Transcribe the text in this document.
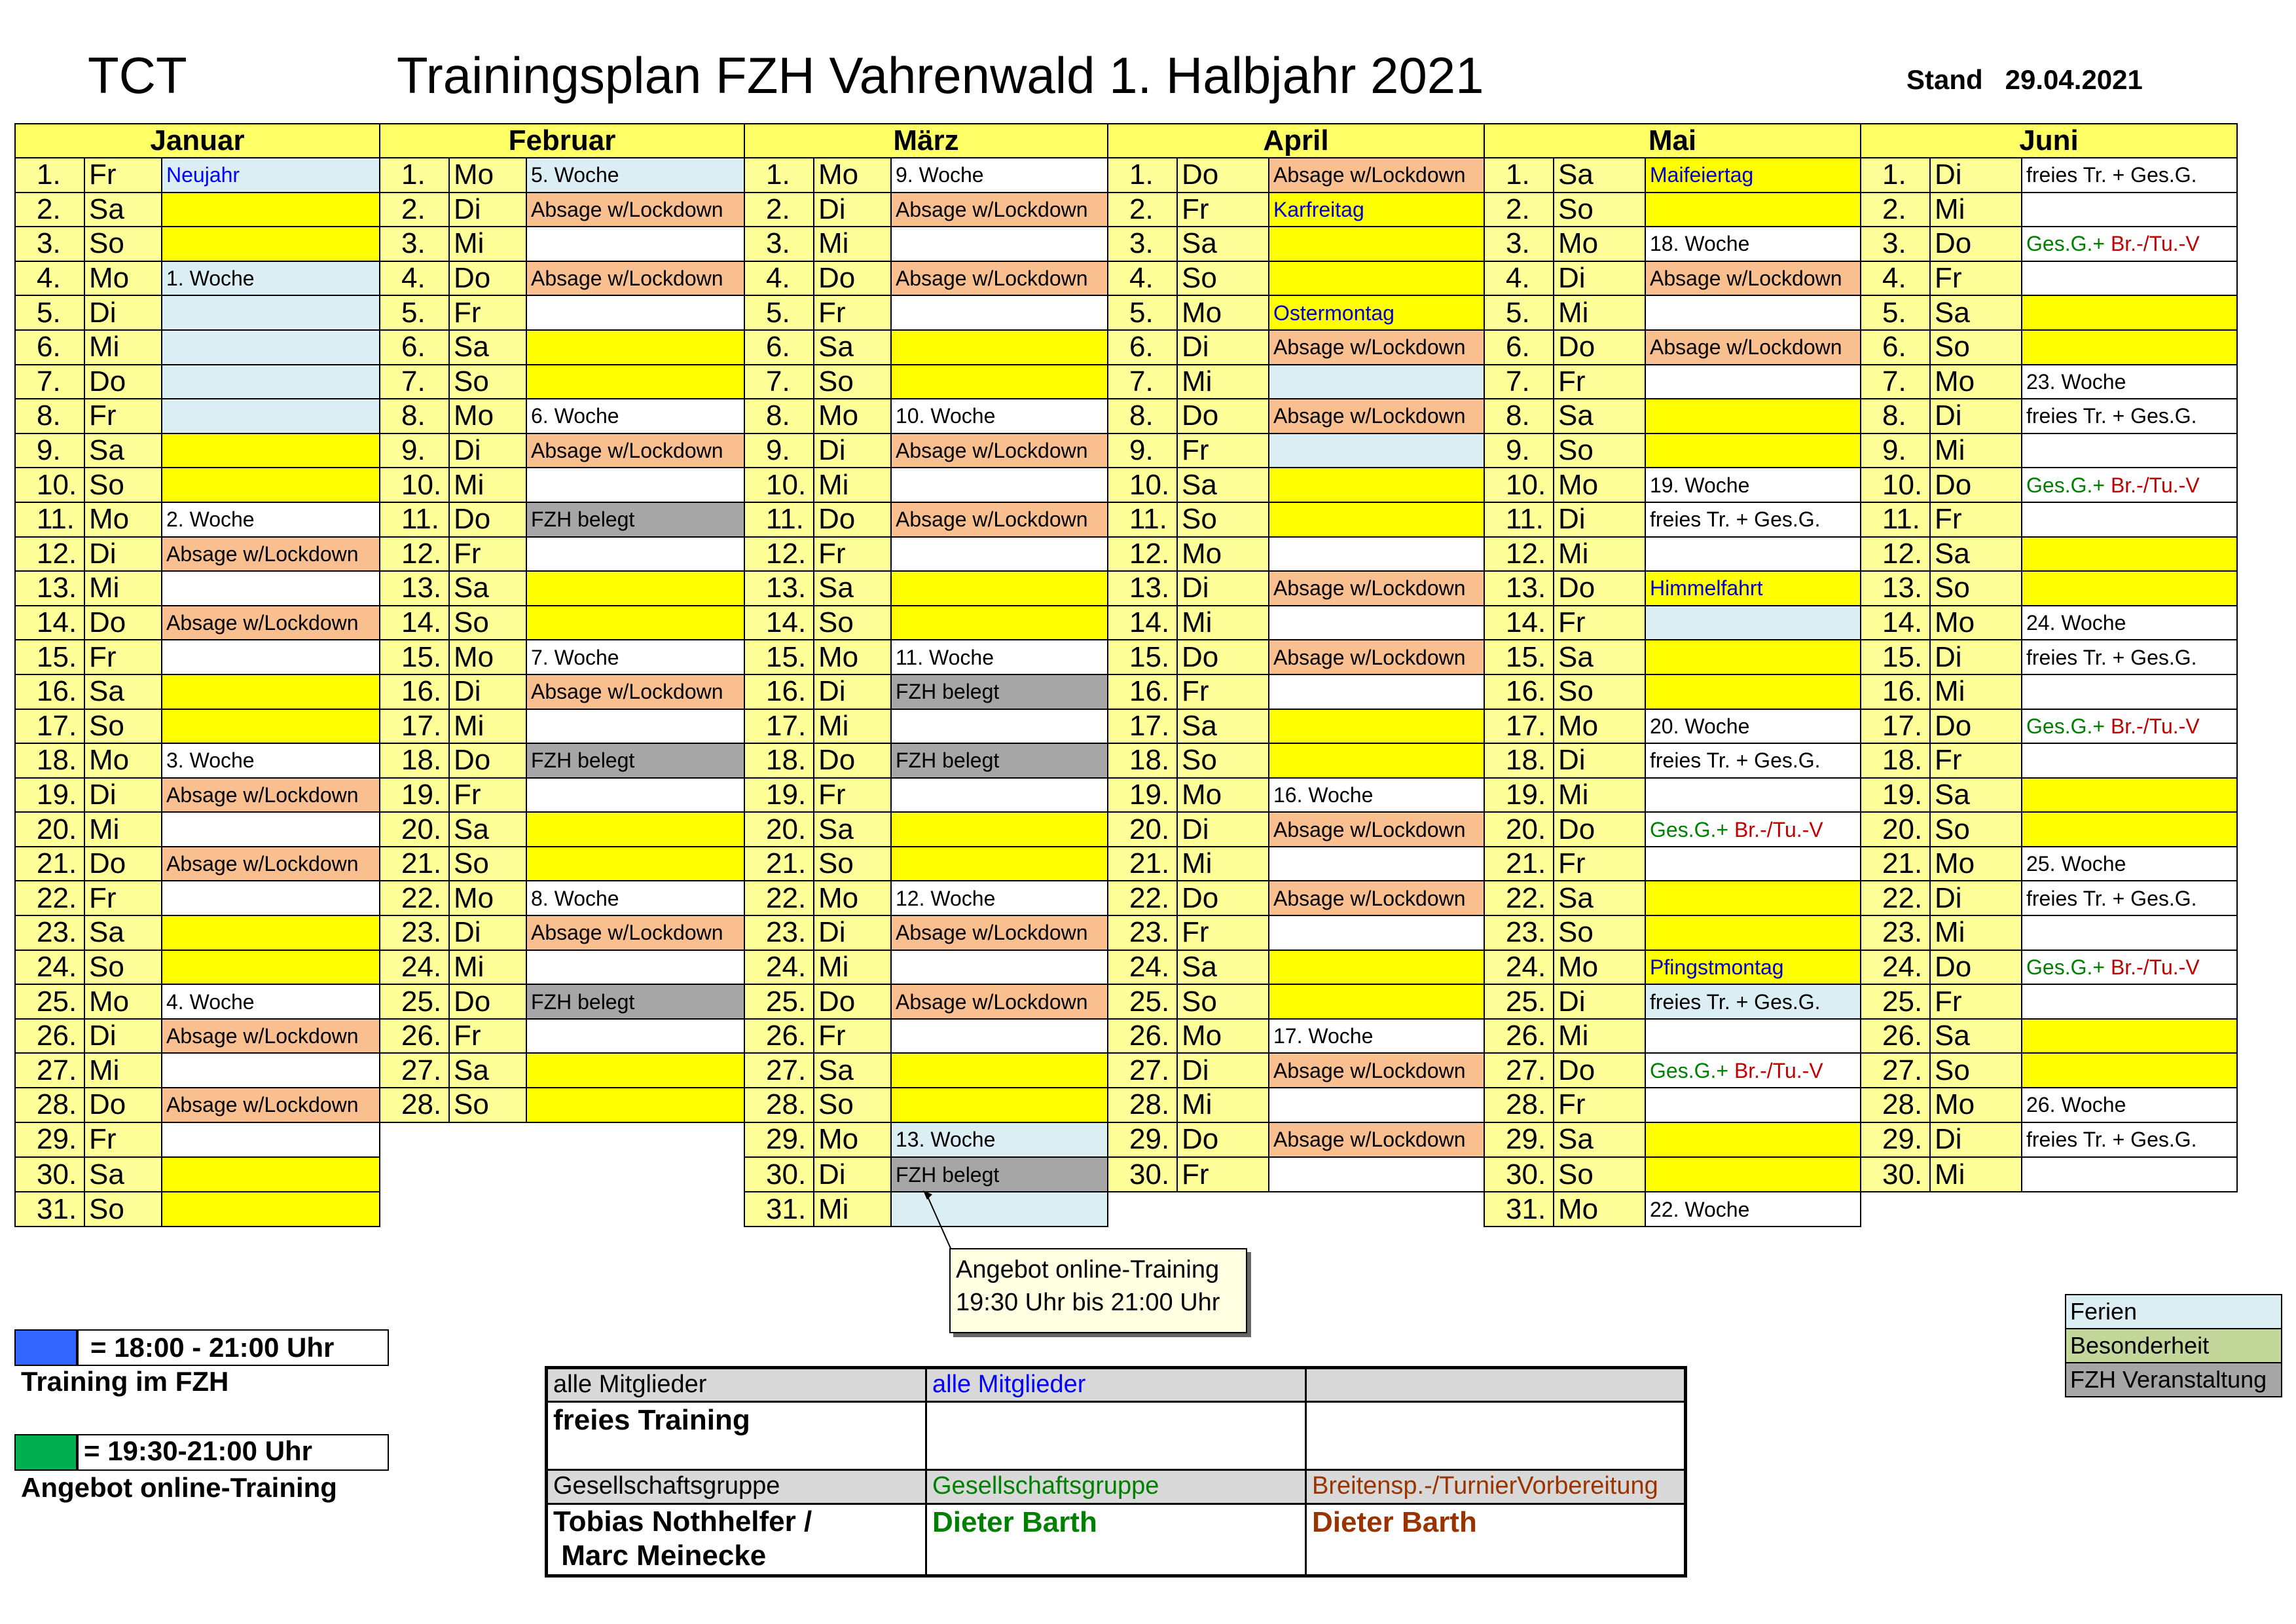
TCT	Trainingsplan FZH Vahrenwald 1. Halbjahr 2021	Stand 29.04.2021
Januar			Februar			März			April			Mai			Juni		
1.	Fr	Neujahr	1.	Mo	5. Woche	1.	Mo	9. Woche	1.	Do	Absage w/Lockdown	1.	Sa	Maifeiertag	1.	Di	freies Tr. + Ges.G.
2.	Sa		2.	Di	Absage w/Lockdown	2.	Di	Absage w/Lockdown	2.	Fr	Karfreitag	2.	So		2.	Mi	
3.	So		3.	Mi		3.	Mi		3.	Sa		3.	Mo	18. Woche	3.	Do	Ges.G.+ Br.-/Tu.-V
4.	Mo	1. Woche	4.	Do	Absage w/Lockdown	4.	Do	Absage w/Lockdown	4.	So		4.	Di	Absage w/Lockdown	4.	Fr	
5.	Di		5.	Fr		5.	Fr		5.	Mo	Ostermontag	5.	Mi		5.	Sa	
6.	Mi		6.	Sa		6.	Sa		6.	Di	Absage w/Lockdown	6.	Do	Absage w/Lockdown	6.	So	
7.	Do		7.	So		7.	So		7.	Mi		7.	Fr		7.	Mo	23. Woche
8.	Fr		8.	Mo	6. Woche	8.	Mo	10. Woche	8.	Do	Absage w/Lockdown	8.	Sa		8.	Di	freies Tr. + Ges.G.
9.	Sa		9.	Di	Absage w/Lockdown	9.	Di	Absage w/Lockdown	9.	Fr		9.	So		9.	Mi	
10.	So		10.	Mi		10.	Mi		10.	Sa		10.	Mo	19. Woche	10.	Do	Ges.G.+ Br.-/Tu.-V
11.	Mo	2. Woche	11.	Do	FZH belegt	11.	Do	Absage w/Lockdown	11.	So		11.	Di	freies Tr. + Ges.G.	11.	Fr	
12.	Di	Absage w/Lockdown	12.	Fr		12.	Fr		12.	Mo		12.	Mi		12.	Sa	
13.	Mi		13.	Sa		13.	Sa		13.	Di	Absage w/Lockdown	13.	Do	Himmelfahrt	13.	So	
14.	Do	Absage w/Lockdown	14.	So		14.	So		14.	Mi		14.	Fr		14.	Mo	24. Woche
15.	Fr		15.	Mo	7. Woche	15.	Mo	11. Woche	15.	Do	Absage w/Lockdown	15.	Sa		15.	Di	freies Tr. + Ges.G.
16.	Sa		16.	Di	Absage w/Lockdown	16.	Di	FZH belegt	16.	Fr		16.	So		16.	Mi	
17.	So		17.	Mi		17.	Mi		17.	Sa		17.	Mo	20. Woche	17.	Do	Ges.G.+ Br.-/Tu.-V
18.	Mo	3. Woche	18.	Do	FZH belegt	18.	Do	FZH belegt	18.	So		18.	Di	freies Tr. + Ges.G.	18.	Fr	
19.	Di	Absage w/Lockdown	19.	Fr		19.	Fr		19.	Mo	16. Woche	19.	Mi		19.	Sa	
20.	Mi		20.	Sa		20.	Sa		20.	Di	Absage w/Lockdown	20.	Do	Ges.G.+ Br.-/Tu.-V	20.	So	
21.	Do	Absage w/Lockdown	21.	So		21.	So		21.	Mi		21.	Fr		21.	Mo	25. Woche
22.	Fr		22.	Mo	8. Woche	22.	Mo	12. Woche	22.	Do	Absage w/Lockdown	22.	Sa		22.	Di	freies Tr. + Ges.G.
23.	Sa		23.	Di	Absage w/Lockdown	23.	Di	Absage w/Lockdown	23.	Fr		23.	So		23.	Mi	
24.	So		24.	Mi		24.	Mi		24.	Sa		24.	Mo	Pfingstmontag	24.	Do	Ges.G.+ Br.-/Tu.-V
25.	Mo	4. Woche	25.	Do	FZH belegt	25.	Do	Absage w/Lockdown	25.	So		25.	Di	freies Tr. + Ges.G.	25.	Fr	
26.	Di	Absage w/Lockdown	26.	Fr		26.	Fr		26.	Mo	17. Woche	26.	Mi		26.	Sa	
27.	Mi		27.	Sa		27.	Sa		27.	Di	Absage w/Lockdown	27.	Do	Ges.G.+ Br.-/Tu.-V	27.	So	
28.	Do	Absage w/Lockdown	28.	So		28.	So		28.	Mi		28.	Fr		28.	Mo	26. Woche
29.	Fr					29.	Mo	13. Woche	29.	Do	Absage w/Lockdown	29.	Sa		29.	Di	freies Tr. + Ges.G.
30.	Sa					30.	Di	FZH belegt	30.	Fr		30.	So		30.	Mi	
31.	So					31.	Mi					31.	Mo	22. Woche			
Angebot online-Training
19:30 Uhr bis 21:00 Uhr
= 18:00 - 21:00 Uhr
Training im FZH
= 19:30-21:00 Uhr
Angebot online-Training
alle Mitglieder	alle Mitglieder	
freies Training		
Gesellschaftsgruppe	Gesellschaftsgruppe	Breitensp.-/TurnierVorbereitung

Tobias Nothhelfer /
Marc Meinecke	Dieter Barth	Dieter Barth
Ferien
Besonderheit
FZH Veranstaltung
